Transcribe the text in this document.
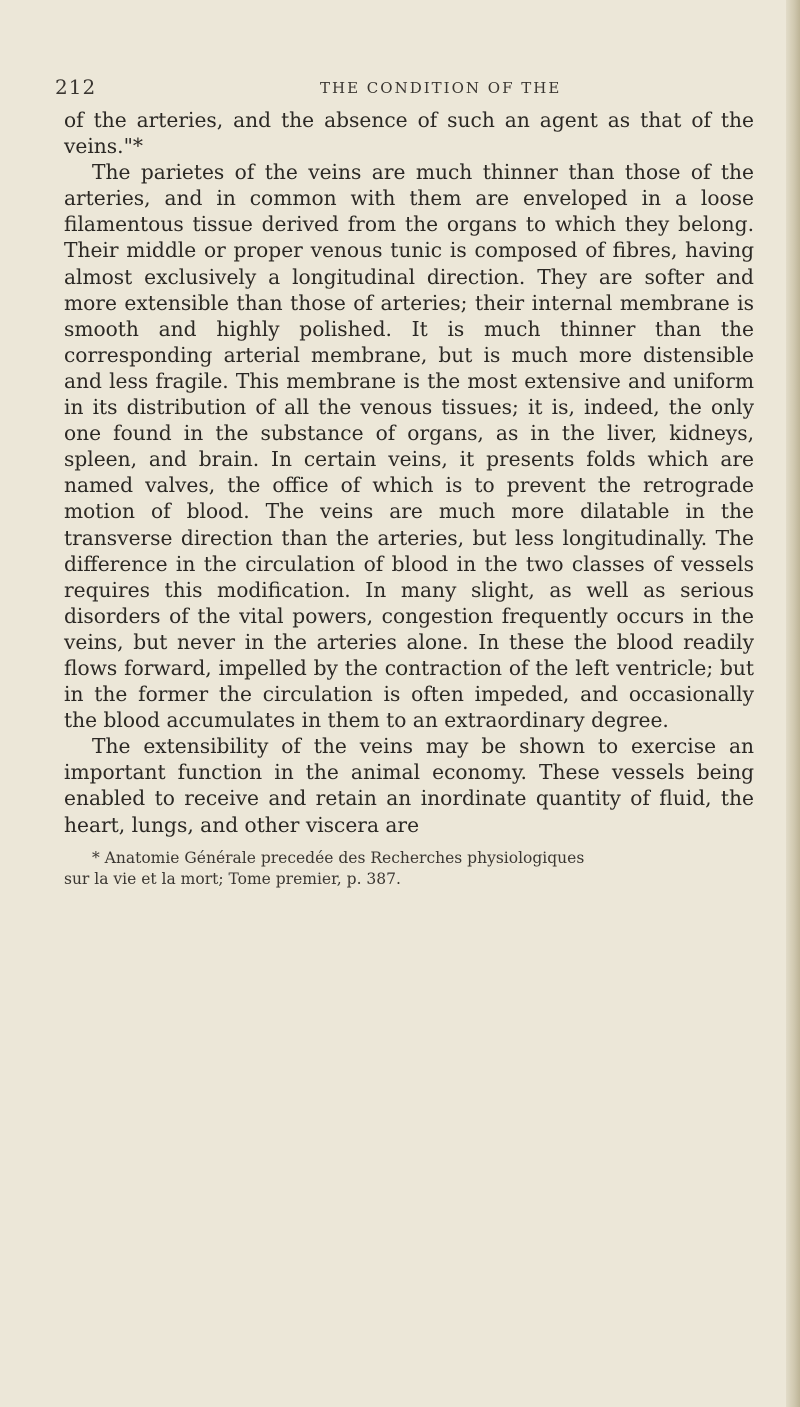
212	THE CONDITION OF THE

of the arteries, and the absence of such an agent as that of the veins."*

The parietes of the veins are much thinner than those of the arteries, and in common with them are enveloped in a loose filamentous tissue derived from the organs to which they belong. Their middle or proper venous tunic is composed of fibres, having almost exclusively a longitudinal direction. They are softer and more extensible than those of arteries; their internal membrane is smooth and highly polished. It is much thinner than the corresponding arterial membrane, but is much more distensible and less fragile. This membrane is the most extensive and uniform in its distribution of all the venous tissues; it is, indeed, the only one found in the substance of organs, as in the liver, kidneys, spleen, and brain. In certain veins, it presents folds which are named valves, the office of which is to prevent the retrograde motion of blood. The veins are much more dilatable in the transverse direction than the arteries, but less longitudinally. The difference in the circulation of blood in the two classes of vessels requires this modification. In many slight, as well as serious disorders of the vital powers, congestion frequently occurs in the veins, but never in the arteries alone. In these the blood readily flows forward, impelled by the contraction of the left ventricle; but in the former the circulation is often impeded, and occasionally the blood accumulates in them to an extraordinary degree.

The extensibility of the veins may be shown to exercise an important function in the animal economy. These vessels being enabled to receive and retain an inordinate quantity of fluid, the heart, lungs, and other viscera are

* Anatomie Générale precedée des Recherches physiologiques
sur la vie et la mort; Tome premier, p. 387.
